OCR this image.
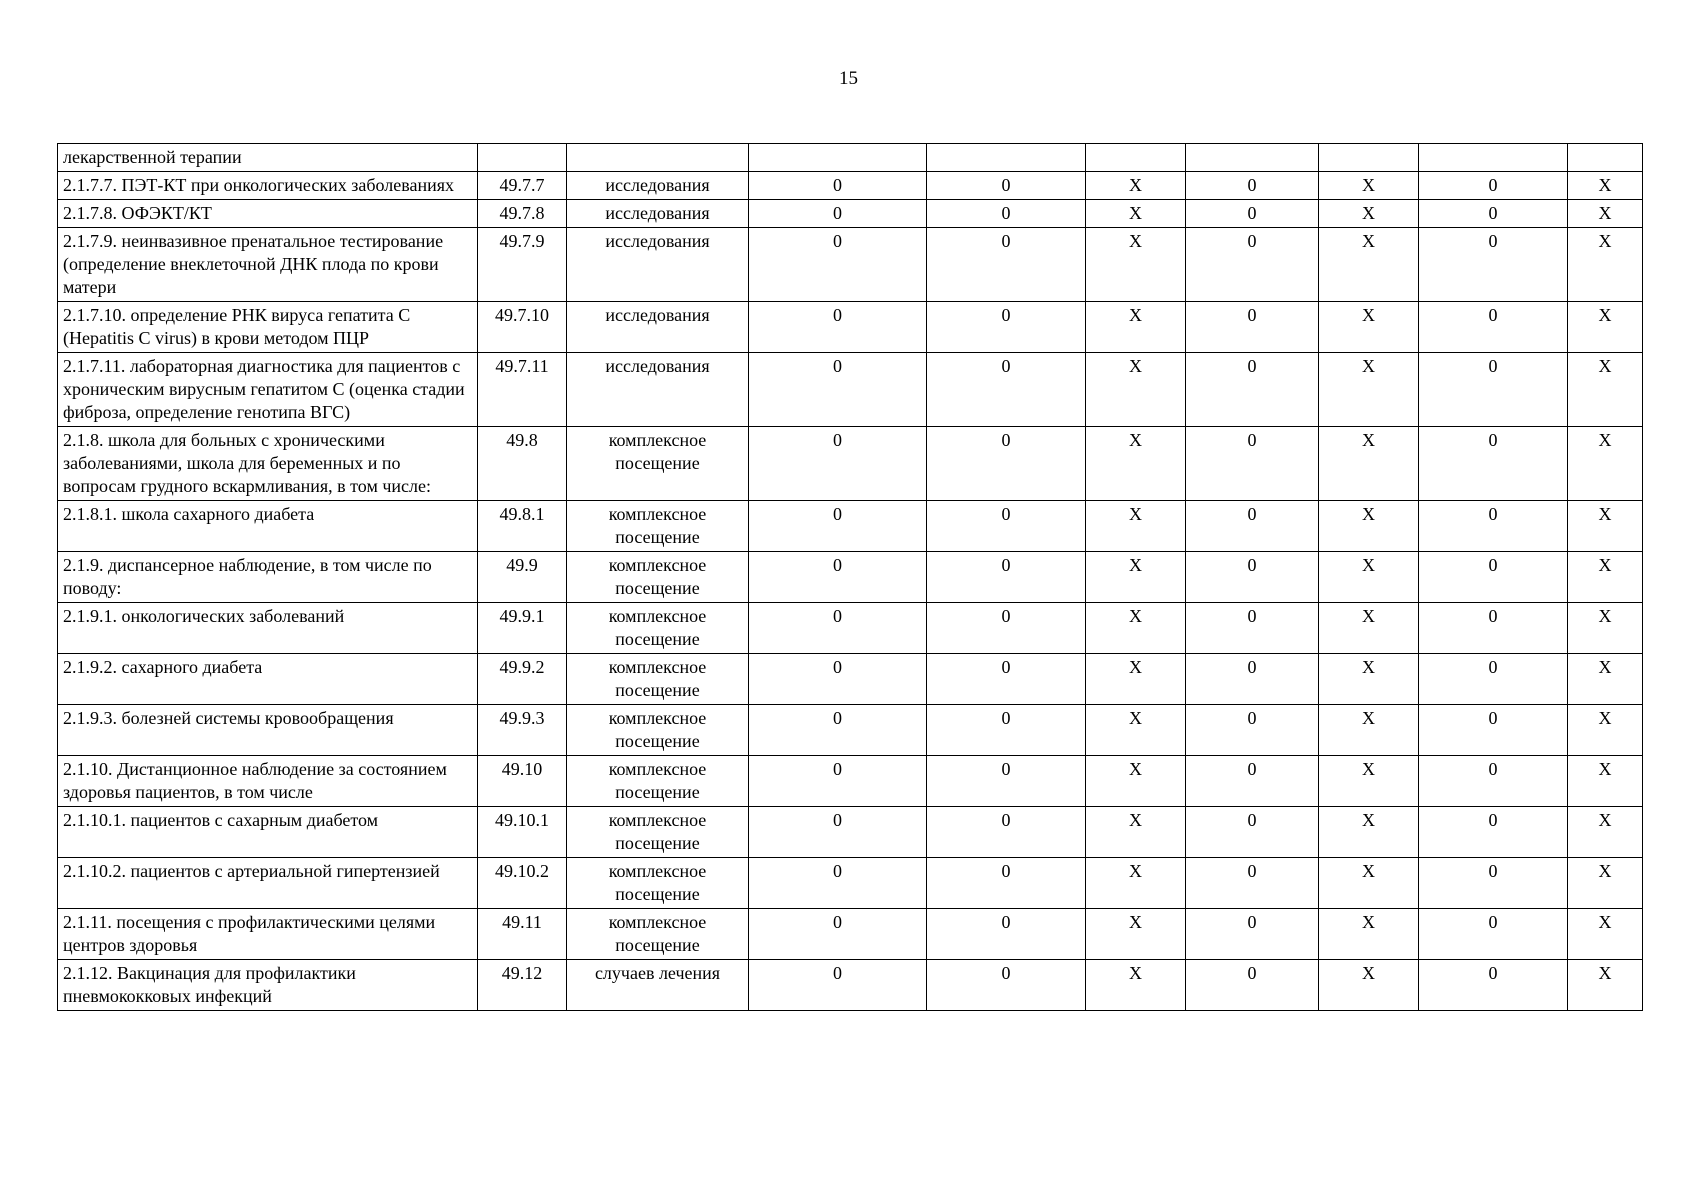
15
лекарственной терапии									
2.1.7.7. ПЭТ-КТ при онкологических заболеваниях	49.7.7	исследования	0	0	X	0	X	0	X
2.1.7.8. ОФЭКТ/КТ	49.7.8	исследования	0	0	X	0	X	0	X
2.1.7.9. неинвазивное пренатальное тестирование (определение внеклеточной ДНК плода по крови матери	49.7.9	исследования	0	0	X	0	X	0	X
2.1.7.10. определение РНК вируса гепатита С (Hepatitis C virus) в крови методом ПЦР	49.7.10	исследования	0	0	X	0	X	0	X
2.1.7.11. лабораторная диагностика для пациентов с хроническим вирусным гепатитом С (оценка стадии фиброза, определение генотипа ВГС)	49.7.11	исследования	0	0	X	0	X	0	X
2.1.8. школа для больных с хроническими заболеваниями, школа для беременных и по вопросам грудного вскармливания, в том числе:	49.8	комплексное посещение	0	0	X	0	X	0	X
2.1.8.1. школа сахарного диабета	49.8.1	комплексное посещение	0	0	X	0	X	0	X
2.1.9. диспансерное наблюдение, в том числе по поводу:	49.9	комплексное посещение	0	0	X	0	X	0	X
2.1.9.1. онкологических заболеваний	49.9.1	комплексное посещение	0	0	X	0	X	0	X
2.1.9.2. сахарного диабета	49.9.2	комплексное посещение	0	0	X	0	X	0	X
2.1.9.3. болезней системы кровообращения	49.9.3	комплексное посещение	0	0	X	0	X	0	X
2.1.10. Дистанционное наблюдение за состоянием здоровья пациентов, в том числе	49.10	комплексное посещение	0	0	X	0	X	0	X
2.1.10.1. пациентов с сахарным диабетом	49.10.1	комплексное посещение	0	0	X	0	X	0	X
2.1.10.2. пациентов с артериальной гипертензией	49.10.2	комплексное посещение	0	0	X	0	X	0	X
2.1.11. посещения с профилактическими целями центров здоровья	49.11	комплексное посещение	0	0	X	0	X	0	X
2.1.12. Вакцинация для профилактики пневмококковых инфекций	49.12	случаев лечения	0	0	X	0	X	0	X
